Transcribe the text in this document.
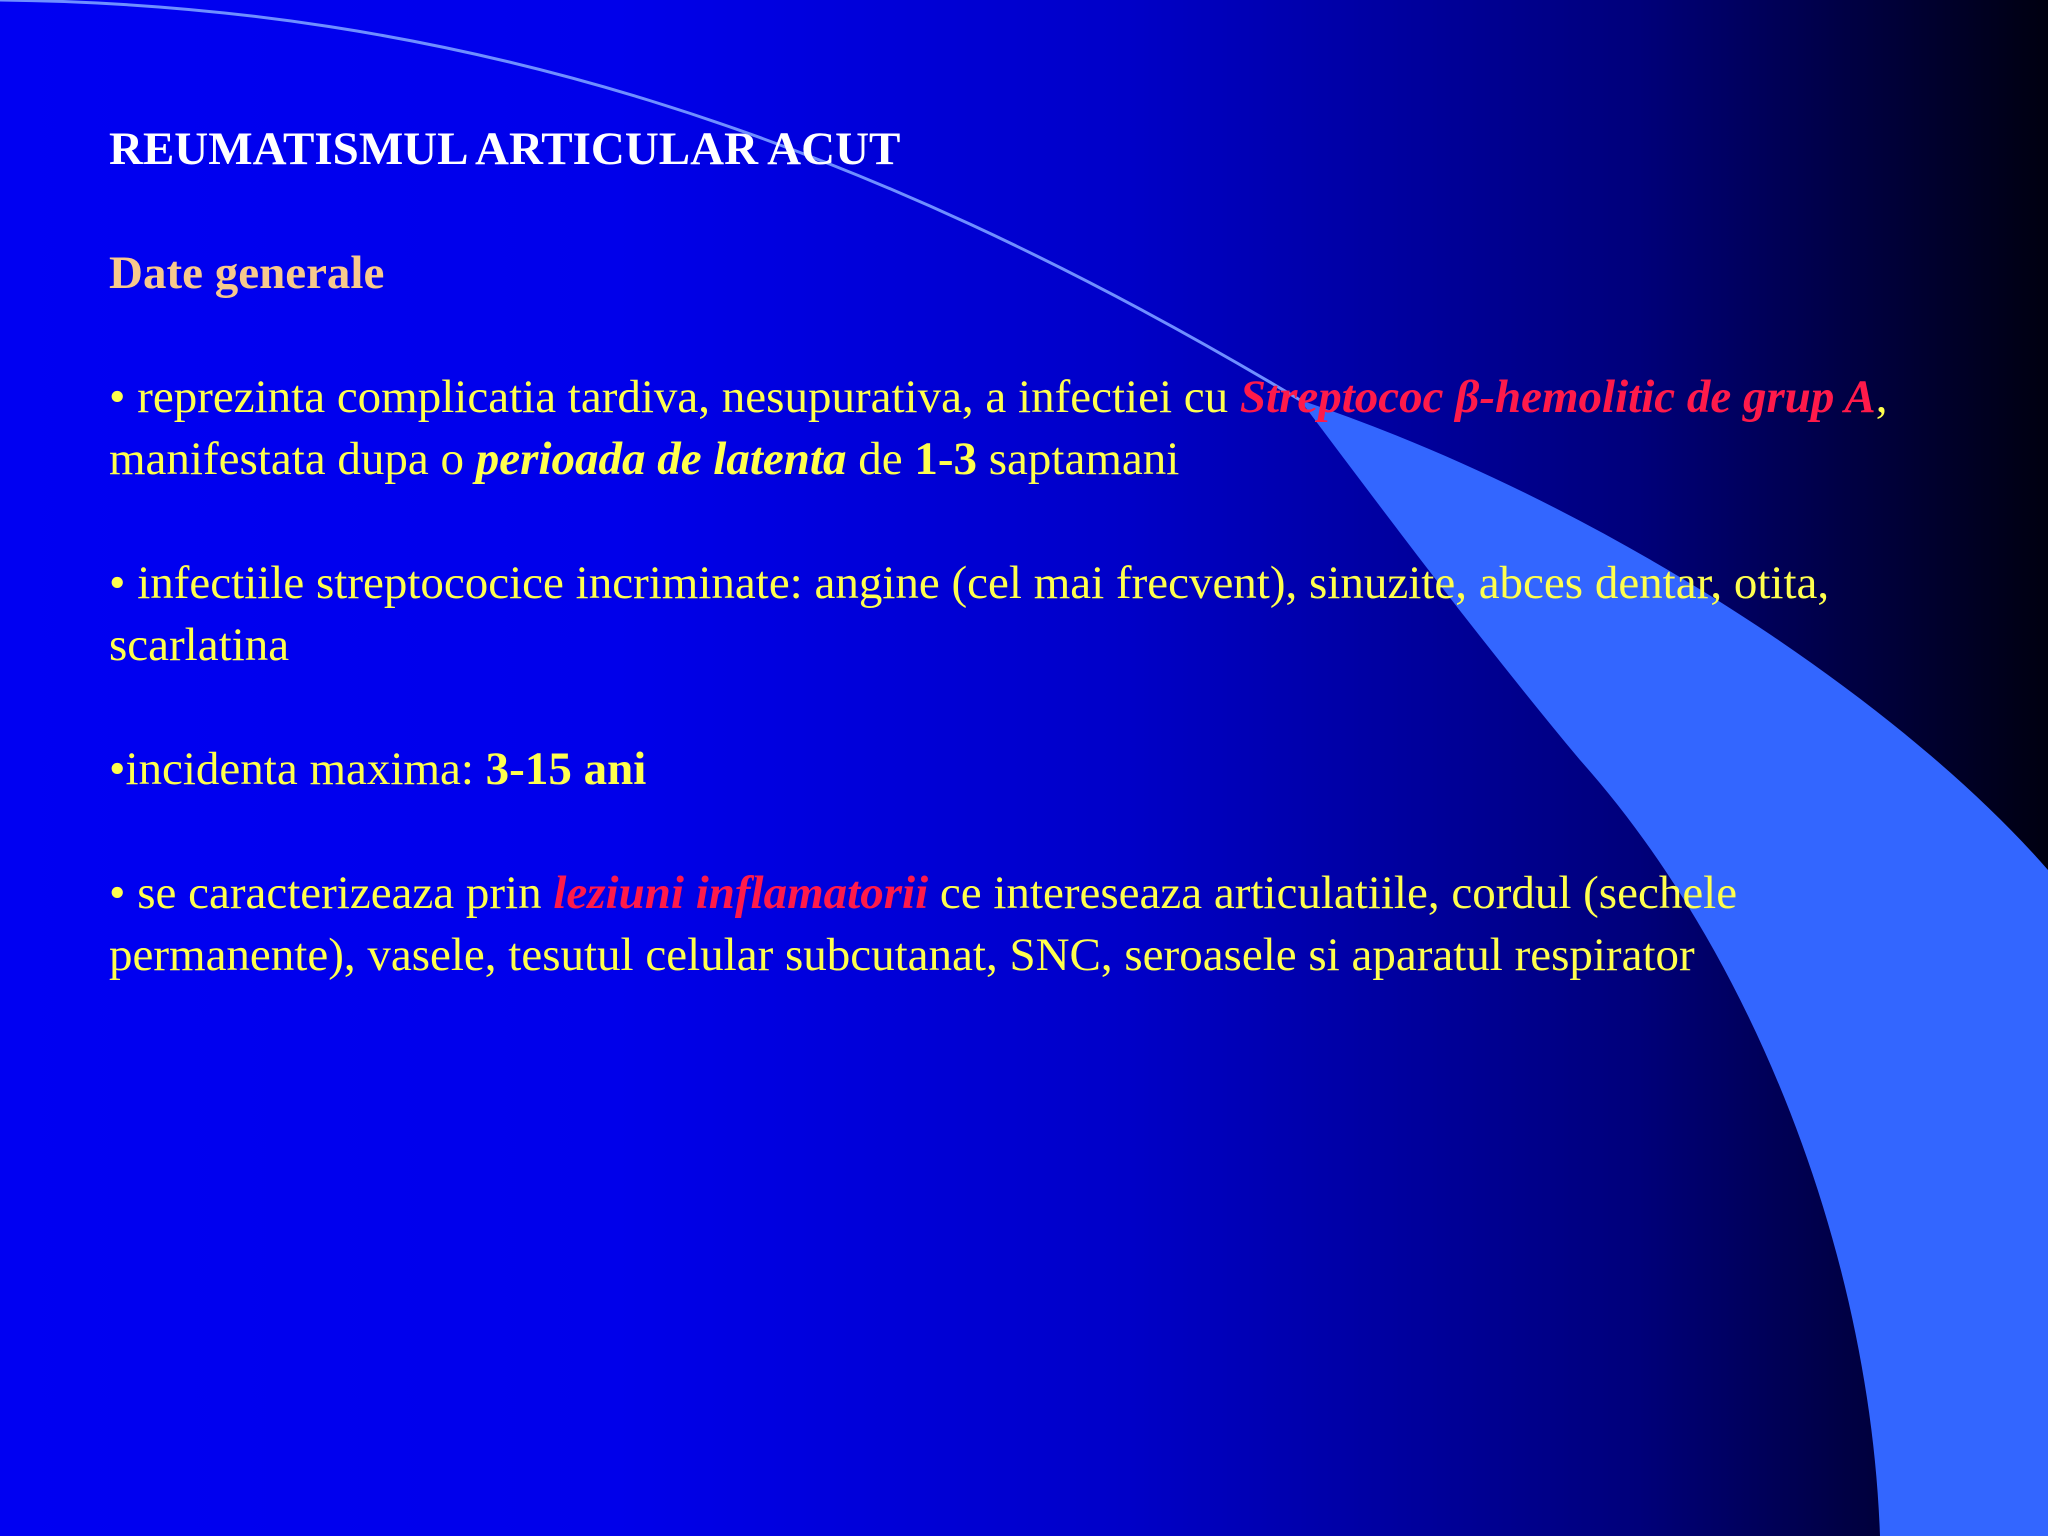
REUMATISMUL ARTICULAR ACUT
Date generale

• reprezinta complicatia tardiva, nesupurativa, a infectiei cu Streptococ β-hemolitic de grup A, manifestata dupa o perioada de latenta de 1-3 saptamani

• infectiile streptococice incriminate: angine (cel mai frecvent), sinuzite, abces dentar, otita, scarlatina

•incidenta maxima: 3-15 ani

• se caracterizeaza prin leziuni inflamatorii ce intereseaza articulatiile, cordul (sechele permanente), vasele, tesutul celular subcutanat, SNC, seroasele si aparatul respirator
